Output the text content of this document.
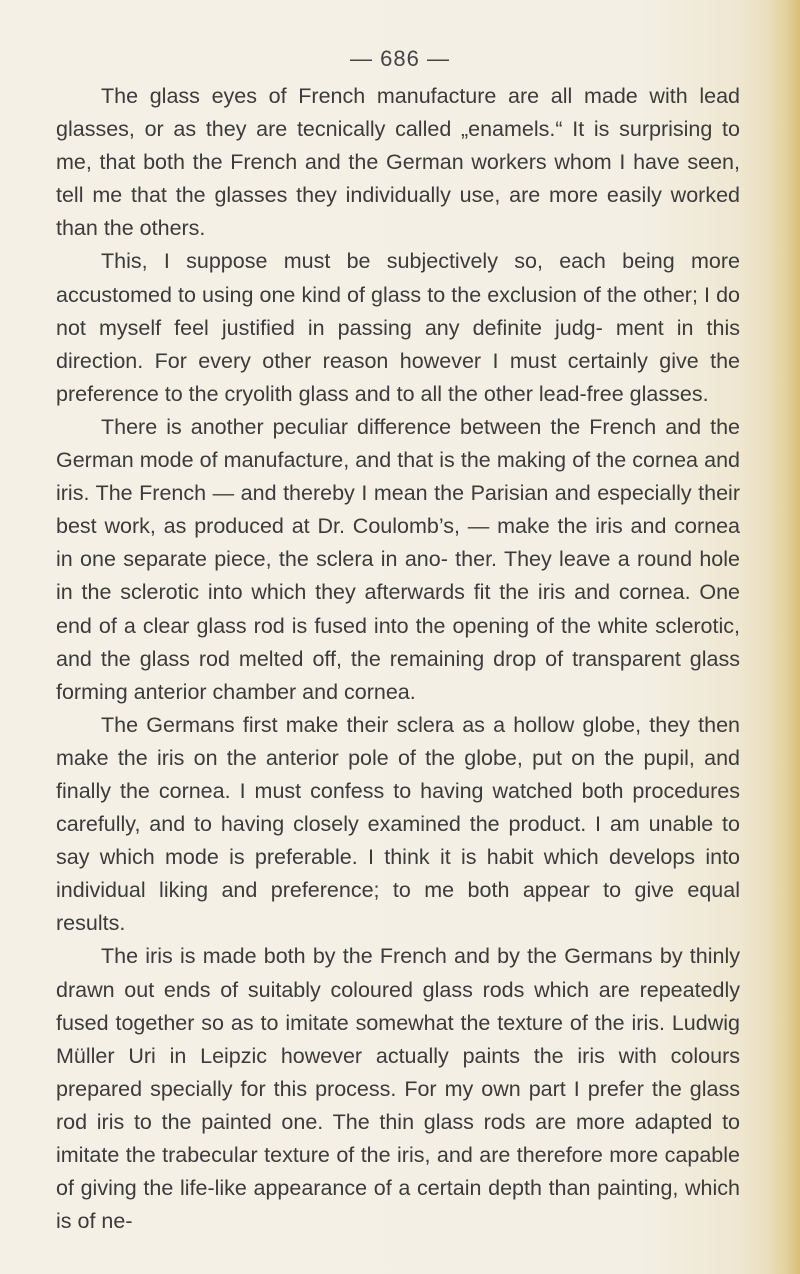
— 686 —

The glass eyes of French manufacture are all made with lead glasses, or as they are tecnically called „enamels.“ It is surprising to me, that both the French and the German workers whom I have seen, tell me that the glasses they individually use, are more easily worked than the others.

This, I suppose must be subjectively so, each being more accustomed to using one kind of glass to the exclusion of the other; I do not myself feel justified in passing any definite judg- ment in this direction. For every other reason however I must certainly give the preference to the cryolith glass and to all the other lead-free glasses.

There is another peculiar difference between the French and the German mode of manufacture, and that is the making of the cornea and iris. The French — and thereby I mean the Parisian and especially their best work, as produced at Dr. Coulomb’s, — make the iris and cornea in one separate piece, the sclera in ano- ther. They leave a round hole in the sclerotic into which they afterwards fit the iris and cornea. One end of a clear glass rod is fused into the opening of the white sclerotic, and the glass rod melted off, the remaining drop of transparent glass forming anterior chamber and cornea.

The Germans first make their sclera as a hollow globe, they then make the iris on the anterior pole of the globe, put on the pupil, and finally the cornea. I must confess to having watched both procedures carefully, and to having closely examined the product. I am unable to say which mode is preferable. I think it is habit which develops into individual liking and preference; to me both appear to give equal results.

The iris is made both by the French and by the Germans by thinly drawn out ends of suitably coloured glass rods which are repeatedly fused together so as to imitate somewhat the texture of the iris. Ludwig Müller Uri in Leipzic however actually paints the iris with colours prepared specially for this process. For my own part I prefer the glass rod iris to the painted one. The thin glass rods are more adapted to imitate the trabecular texture of the iris, and are therefore more capable of giving the life-like appearance of a certain depth than painting, which is of ne-
